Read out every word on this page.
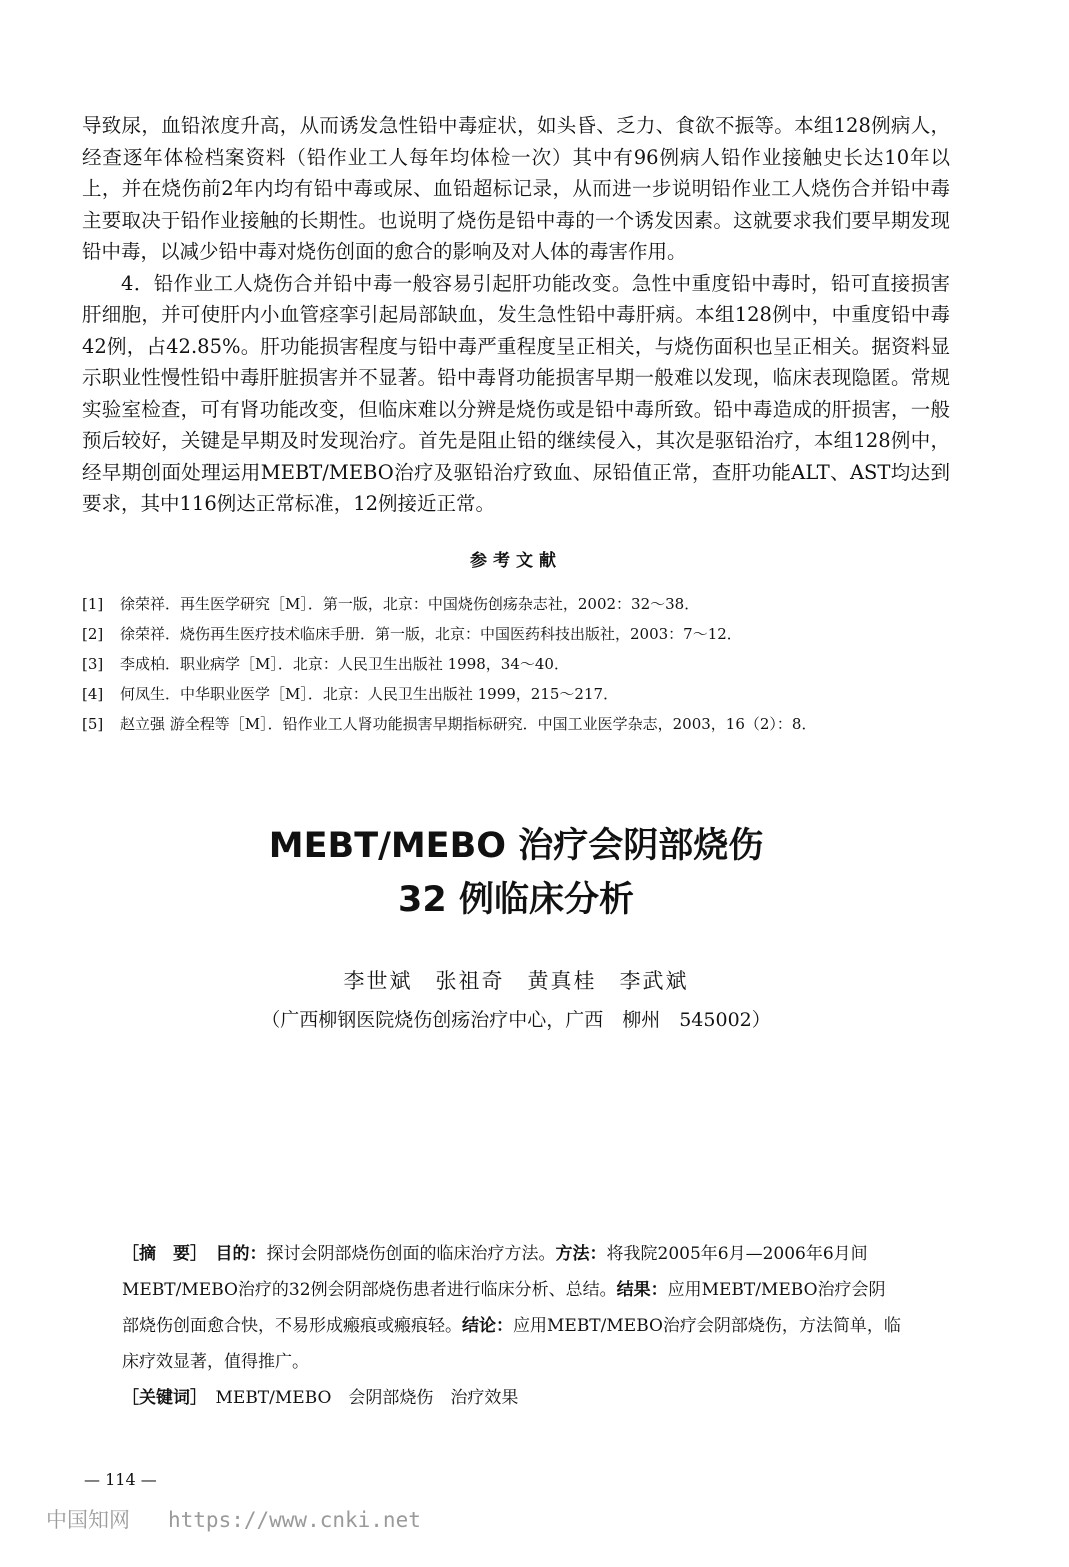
导致尿，血铅浓度升高，从而诱发急性铅中毒症状，如头昏、乏力、食欲不振等。本组128例病人，经查逐年体检档案资料（铅作业工人每年均体检一次）其中有96例病人铅作业接触史长达10年以上，并在烧伤前2年内均有铅中毒或尿、血铅超标记录，从而进一步说明铅作业工人烧伤合并铅中毒主要取决于铅作业接触的长期性。也说明了烧伤是铅中毒的一个诱发因素。这就要求我们要早期发现铅中毒，以减少铅中毒对烧伤创面的愈合的影响及对人体的毒害作用。

4．铅作业工人烧伤合并铅中毒一般容易引起肝功能改变。急性中重度铅中毒时，铅可直接损害肝细胞，并可使肝内小血管痉挛引起局部缺血，发生急性铅中毒肝病。本组128例中，中重度铅中毒42例，占42.85%。肝功能损害程度与铅中毒严重程度呈正相关，与烧伤面积也呈正相关。据资料显示职业性慢性铅中毒肝脏损害并不显著。铅中毒肾功能损害早期一般难以发现，临床表现隐匿。常规实验室检查，可有肾功能改变，但临床难以分辨是烧伤或是铅中毒所致。铅中毒造成的肝损害，一般预后较好，关键是早期及时发现治疗。首先是阻止铅的继续侵入，其次是驱铅治疗，本组128例中，经早期创面处理运用MEBT/MEBO治疗及驱铅治疗致血、尿铅值正常，查肝功能ALT、AST均达到要求，其中116例达正常标准，12例接近正常。

参考文献
[1]	徐荣祥．再生医学研究［M］．第一版，北京：中国烧伤创疡杂志社，2002：32～38．
[2]	徐荣祥．烧伤再生医疗技术临床手册．第一版，北京：中国医药科技出版社，2003：7～12．
[3]	李成柏．职业病学［M］．北京：人民卫生出版社 1998，34～40．
[4]	何凤生．中华职业医学［M］．北京：人民卫生出版社 1999，215～217．
[5]	赵立强 游全程等［M］．铅作业工人肾功能损害早期指标研究．中国工业医学杂志，2003，16（2）：8．
MEBT/MEBO 治疗会阴部烧伤
32 例临床分析
李世斌　张祖奇　黄真桂　李武斌
（广西柳钢医院烧伤创疡治疗中心，广西　柳州　545002）
［摘　要］　 目的：探讨会阴部烧伤创面的临床治疗方法。方法：将我院2005年6月—2006年6月间MEBT/MEBO治疗的32例会阴部烧伤患者进行临床分析、总结。结果：应用MEBT/MEBO治疗会阴部烧伤创面愈合快，不易形成瘢痕或瘢痕轻。结论：应用MEBT/MEBO治疗会阴部烧伤，方法简单，临床疗效显著，值得推广。
［关键词］　 MEBT/MEBO　会阴部烧伤　治疗效果
— 114 —
中国知网 https://www.cnki.net
